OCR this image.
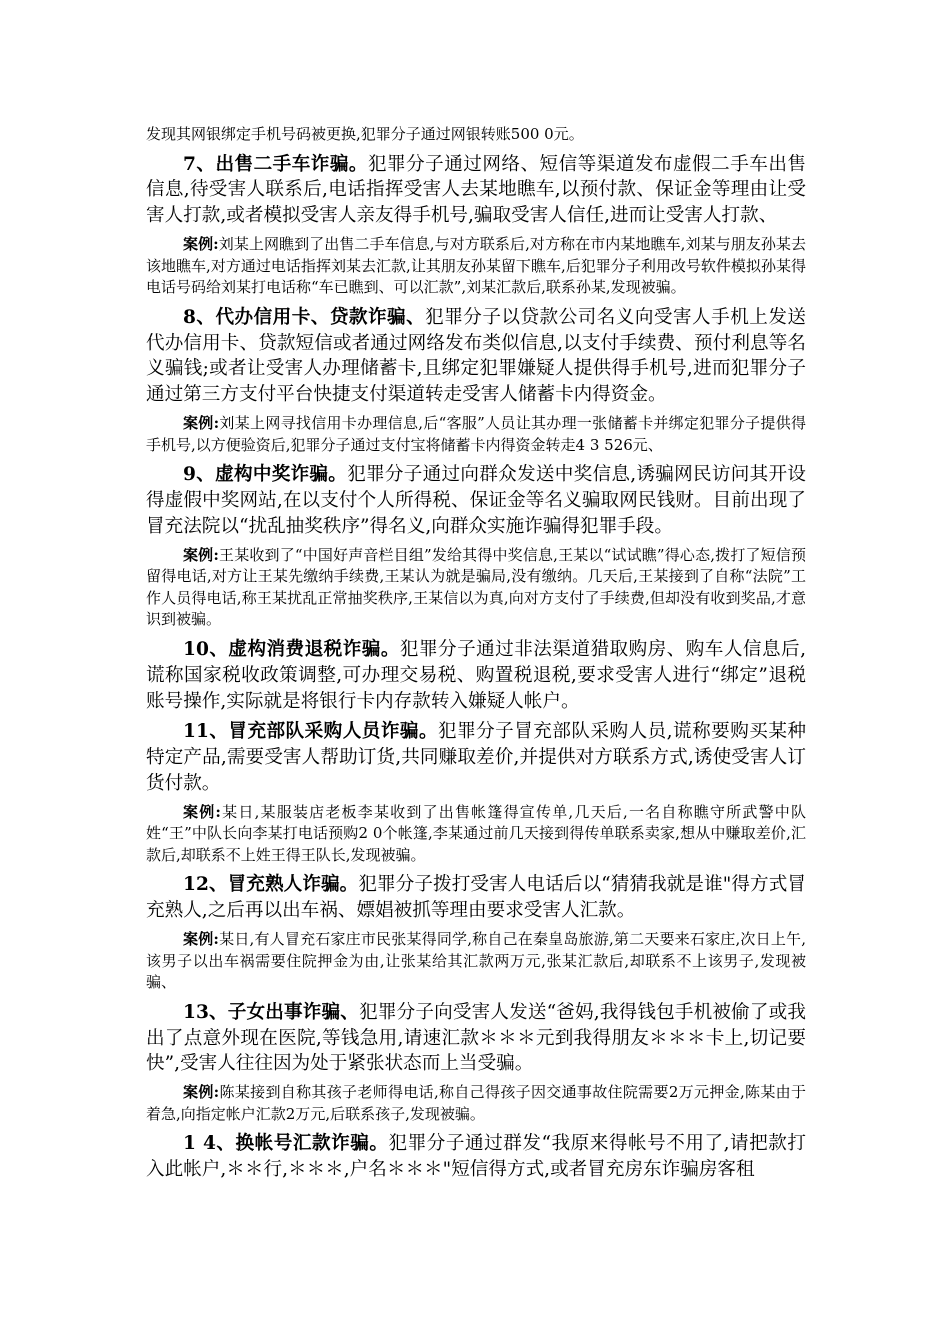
发现其网银绑定手机号码被更换,犯罪分子通过网银转账500 0元。

7、出售二手车诈骗。犯罪分子通过网络、短信等渠道发布虚假二手车出售信息,待受害人联系后,电话指挥受害人去某地瞧车,以预付款、保证金等理由让受害人打款,或者模拟受害人亲友得手机号,骗取受害人信任,进而让受害人打款、

案例:刘某上网瞧到了出售二手车信息,与对方联系后,对方称在市内某地瞧车,刘某与朋友孙某去该地瞧车,对方通过电话指挥刘某去汇款,让其朋友孙某留下瞧车,后犯罪分子利用改号软件模拟孙某得电话号码给刘某打电话称“车已瞧到、可以汇款”,刘某汇款后,联系孙某,发现被骗。

8、代办信用卡、贷款诈骗、犯罪分子以贷款公司名义向受害人手机上发送代办信用卡、贷款短信或者通过网络发布类似信息,以支付手续费、预付利息等名义骗钱;或者让受害人办理储蓄卡,且绑定犯罪嫌疑人提供得手机号,进而犯罪分子通过第三方支付平台快捷支付渠道转走受害人储蓄卡内得资金。

案例:刘某上网寻找信用卡办理信息,后“客服”人员让其办理一张储蓄卡并绑定犯罪分子提供得手机号,以方便验资后,犯罪分子通过支付宝将储蓄卡内得资金转走4 3 526元、

9、虚构中奖诈骗。犯罪分子通过向群众发送中奖信息,诱骗网民访问其开设得虚假中奖网站,在以支付个人所得税、保证金等名义骗取网民钱财。目前出现了冒充法院以“扰乱抽奖秩序”得名义,向群众实施诈骗得犯罪手段。

案例:王某收到了“中国好声音栏目组”发给其得中奖信息,王某以“试试瞧”得心态,拨打了短信预留得电话,对方让王某先缴纳手续费,王某认为就是骗局,没有缴纳。几天后,王某接到了自称“法院”工作人员得电话,称王某扰乱正常抽奖秩序,王某信以为真,向对方支付了手续费,但却没有收到奖品,才意识到被骗。

10、虚构消费退税诈骗。犯罪分子通过非法渠道猎取购房、购车人信息后,谎称国家税收政策调整,可办理交易税、购置税退税,要求受害人进行“绑定”退税账号操作,实际就是将银行卡内存款转入嫌疑人帐户。

11、冒充部队采购人员诈骗。犯罪分子冒充部队采购人员,谎称要购买某种特定产品,需要受害人帮助订货,共同赚取差价,并提供对方联系方式,诱使受害人订货付款。

案例:某日,某服装店老板李某收到了出售帐篷得宣传单,几天后,一名自称瞧守所武警中队姓“王”中队长向李某打电话预购2 0个帐篷,李某通过前几天接到得传单联系卖家,想从中赚取差价,汇款后,却联系不上姓王得王队长,发现被骗。

12、冒充熟人诈骗。犯罪分子拨打受害人电话后以“猜猜我就是谁"得方式冒充熟人,之后再以出车祸、嫖娼被抓等理由要求受害人汇款。

案例:某日,有人冒充石家庄市民张某得同学,称自己在秦皇岛旅游,第二天要来石家庄,次日上午,该男子以出车祸需要住院押金为由,让张某给其汇款两万元,张某汇款后,却联系不上该男子,发现被骗、

13、子女出事诈骗、犯罪分子向受害人发送“爸妈,我得钱包手机被偷了或我出了点意外现在医院,等钱急用,请速汇款＊＊＊元到我得朋友＊＊＊卡上,切记要快”,受害人往往因为处于紧张状态而上当受骗。

案例:陈某接到自称其孩子老师得电话,称自己得孩子因交通事故住院需要2万元押金,陈某由于着急,向指定帐户汇款2万元,后联系孩子,发现被骗。

1 4、换帐号汇款诈骗。犯罪分子通过群发“我原来得帐号不用了,请把款打入此帐户,＊＊行,＊＊＊,户名＊＊＊"短信得方式,或者冒充房东诈骗房客租
